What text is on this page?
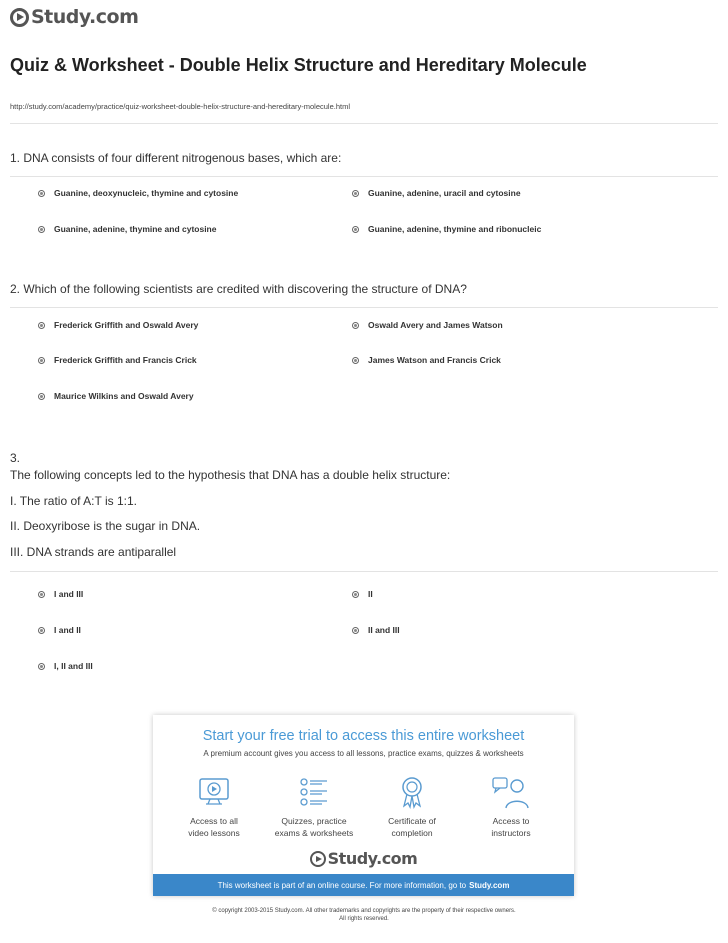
Study.com
Quiz & Worksheet - Double Helix Structure and Hereditary Molecule
http://study.com/academy/practice/quiz-worksheet-double-helix-structure-and-hereditary-molecule.html
1. DNA consists of four different nitrogenous bases, which are:
Guanine, deoxynucleic, thymine and cytosine	Guanine, adenine, uracil and cytosine
Guanine, adenine, thymine and cytosine	Guanine, adenine, thymine and ribonucleic
2. Which of the following scientists are credited with discovering the structure of DNA?
Frederick Griffith and Oswald Avery	Oswald Avery and James Watson
Frederick Griffith and Francis Crick	James Watson and Francis Crick
Maurice Wilkins and Oswald Avery
3.
The following concepts led to the hypothesis that DNA has a double helix structure:
I. The ratio of A:T is 1:1.
II. Deoxyribose is the sugar in DNA.
III. DNA strands are antiparallel
I and III	II
I and II	II and III
I, II and III
Start your free trial to access this entire worksheet
A premium account gives you access to all lessons, practice exams, quizzes & worksheets
Access to all
video lessons
Quizzes, practice
exams & worksheets
Certificate of
completion
Access to
instructors
Study.com
This worksheet is part of an online course. For more information, go to Study.com
© copyright 2003-2015 Study.com. All other trademarks and copyrights are the property of their respective owners.
All rights reserved.
